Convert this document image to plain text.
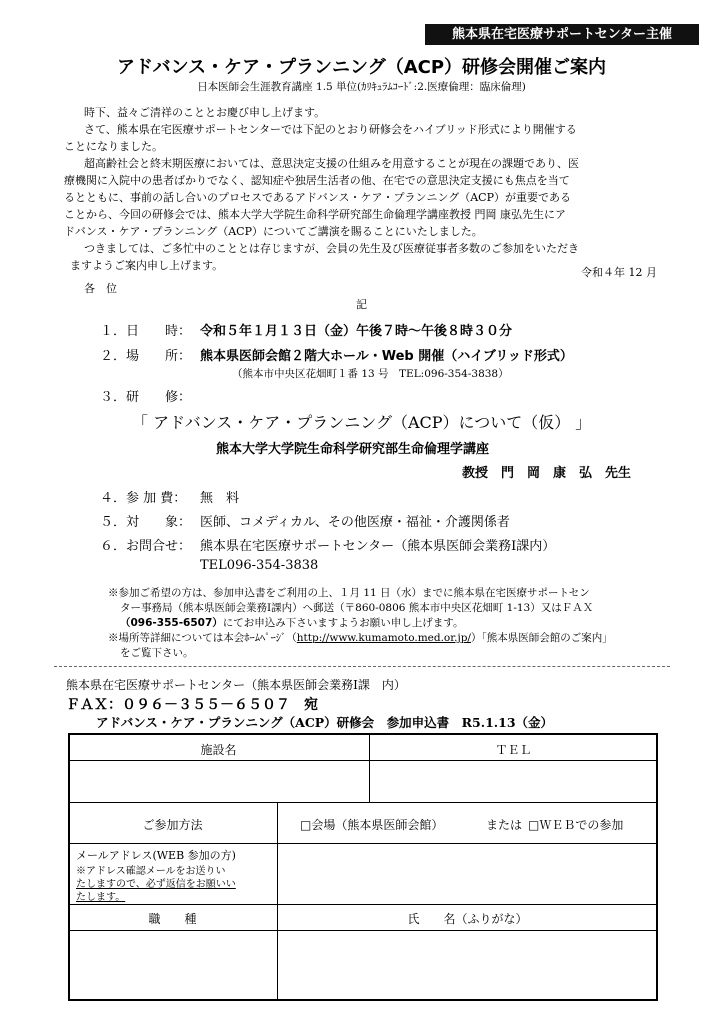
熊本県在宅医療サポートセンター主催
アドバンス・ケア・プランニング（ACP）研修会開催ご案内
日本医師会生涯教育講座 1.5 単位(ｶﾘｷｭﾗﾑｺｰﾄﾞ:2.医療倫理：臨床倫理)
時下、益々ご清祥のこととお慶び申し上げます。
さて、熊本県在宅医療サポートセンターでは下記のとおり研修会をハイブリッド形式により開催する
ことになりました。
超高齢社会と終末期医療においては、意思決定支援の仕組みを用意することが現在の課題であり、医
療機関に入院中の患者ばかりでなく、認知症や独居生活者の他、在宅での意思決定支援にも焦点を当て
るとともに、事前の話し合いのプロセスであるアドバンス・ケア・プランニング（ACP）が重要である
ことから、今回の研修会では、熊本大学大学院生命科学研究部生命倫理学講座教授 門岡 康弘先生にア
ドバンス・ケア・プランニング（ACP）についてご講演を賜ることにいたしました。
つきましては、ご多忙中のこととは存じますが、会員の先生及び医療従事者多数のご参加をいただき
ますようご案内申し上げます。
令和４年 12 月
各　位
記
１．日　　時： 令和５年１月１３日（金）午後７時～午後８時３０分
２．場　　所： 熊本県医師会館２階大ホール・Web 開催（ハイブリッド形式）
（熊本市中央区花畑町１番 13 号　TEL:096-354-3838）
３．研　　修：
「 アドバンス・ケア・プランニング（ACP）について（仮） 」
熊本大学大学院生命科学研究部生命倫理学講座
教授　門　岡　康　弘　先生
４．参 加 費： 無　料
５．対　　象： 医師、コメディカル、その他医療・福祉・介護関係者
６．お問合せ： 熊本県在宅医療サポートセンター（熊本県医師会業務Ⅰ課内）
TEL096-354-3838
※参加ご希望の方は、参加申込書をご利用の上、１月 11 日（水）までに熊本県在宅医療サポートセン
ター事務局（熊本県医師会業務Ⅰ課内）へ郵送（〒860-0806 熊本市中央区花畑町 1-13）又はＦＡＸ
（096-355-6507）にてお申込み下さいますようお願い申し上げます。
※場所等詳細については本会ﾎｰﾑﾍﾟｰｼﾞ（http://www.kumamoto.med.or.jp/）「熊本県医師会館のご案内」
をご覧下さい。
熊本県在宅医療サポートセンター（熊本県医師会業務Ⅰ課　内）
ＦＡＸ：０９６－３５５－６５０７　宛
アドバンス・ケア・プランニング（ACP）研修会　参加申込書　R5.1.13（金）
施設名	ＴＥＬ
ご参加方法	□会場（熊本県医師会館）	または □ＷＥＢでの参加
メールアドレス(WEB 参加の方)
※アドレス確認メールをお送りい
たしますので、必ず返信をお願いい
たします。
職　　種	氏　　名（ふりがな）
